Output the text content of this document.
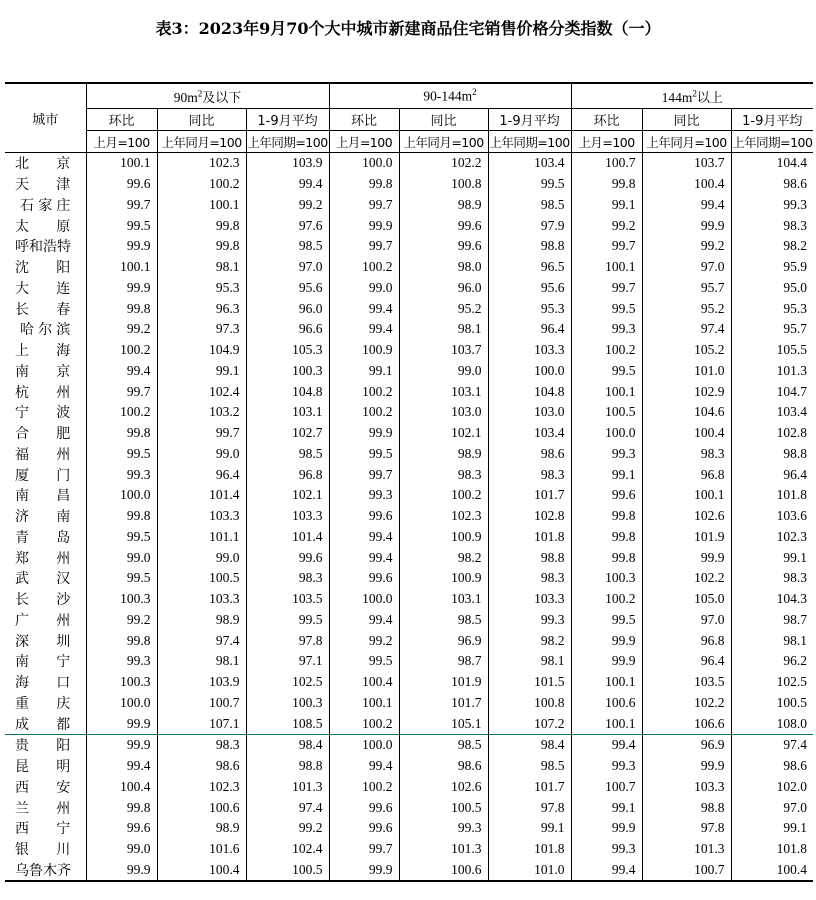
表3：2023年9月70个大中城市新建商品住宅销售价格分类指数（一）
城市	$90m^2$及以下			$90-144m^2$			$144m^2$以上		
	环比	同比	1-9月平均	环比	同比	1-9月平均	环比	同比	1-9月平均
	上月=100	上年同月=100	上年同期=100	上月=100	上年同月=100	上年同期=100	上月=100	上年同月=100	上年同期=100
北京	100.1	102.3	103.9	100.0	102.2	103.4	100.7	103.7	104.4
天津	99.6	100.2	99.4	99.8	100.8	99.5	99.8	100.4	98.6
石家庄	99.7	100.1	99.2	99.7	98.9	98.5	99.1	99.4	99.3
太原	99.5	99.8	97.6	99.9	99.6	97.9	99.2	99.9	98.3
呼和浩特	99.9	99.8	98.5	99.7	99.6	98.8	99.7	99.2	98.2
沈阳	100.1	98.1	97.0	100.2	98.0	96.5	100.1	97.0	95.9
大连	99.9	95.3	95.6	99.0	96.0	95.6	99.7	95.7	95.0
长春	99.8	96.3	96.0	99.4	95.2	95.3	99.5	95.2	95.3
哈尔滨	99.2	97.3	96.6	99.4	98.1	96.4	99.3	97.4	95.7
上海	100.2	104.9	105.3	100.9	103.7	103.3	100.2	105.2	105.5
南京	99.4	99.1	100.3	99.1	99.0	100.0	99.5	101.0	101.3
杭州	99.7	102.4	104.8	100.2	103.1	104.8	100.1	102.9	104.7
宁波	100.2	103.2	103.1	100.2	103.0	103.0	100.5	104.6	103.4
合肥	99.8	99.7	102.7	99.9	102.1	103.4	100.0	100.4	102.8
福州	99.5	99.0	98.5	99.5	98.9	98.6	99.3	98.3	98.8
厦门	99.3	96.4	96.8	99.7	98.3	98.3	99.1	96.8	96.4
南昌	100.0	101.4	102.1	99.3	100.2	101.7	99.6	100.1	101.8
济南	99.8	103.3	103.3	99.6	102.3	102.8	99.8	102.6	103.6
青岛	99.5	101.1	101.4	99.4	100.9	101.8	99.8	101.9	102.3
郑州	99.0	99.0	99.6	99.4	98.2	98.8	99.8	99.9	99.1
武汉	99.5	100.5	98.3	99.6	100.9	98.3	100.3	102.2	98.3
长沙	100.3	103.3	103.5	100.0	103.1	103.3	100.2	105.0	104.3
广州	99.2	98.9	99.5	99.4	98.5	99.3	99.5	97.0	98.7
深圳	99.8	97.4	97.8	99.2	96.9	98.2	99.9	96.8	98.1
南宁	99.3	98.1	97.1	99.5	98.7	98.1	99.9	96.4	96.2
海口	100.3	103.9	102.5	100.4	101.9	101.5	100.1	103.5	102.5
重庆	100.0	100.7	100.3	100.1	101.7	100.8	100.6	102.2	100.5
成都	99.9	107.1	108.5	100.2	105.1	107.2	100.1	106.6	108.0
贵阳	99.9	98.3	98.4	100.0	98.5	98.4	99.4	96.9	97.4
昆明	99.4	98.6	98.8	99.4	98.6	98.5	99.3	99.9	98.6
西安	100.4	102.3	101.3	100.2	102.6	101.7	100.7	103.3	102.0
兰州	99.8	100.6	97.4	99.6	100.5	97.8	99.1	98.8	97.0
西宁	99.6	98.9	99.2	99.6	99.3	99.1	99.9	97.8	99.1
银川	99.0	101.6	102.4	99.7	101.3	101.8	99.3	101.3	101.8
乌鲁木齐	99.9	100.4	100.5	99.9	100.6	101.0	99.4	100.7	100.4
